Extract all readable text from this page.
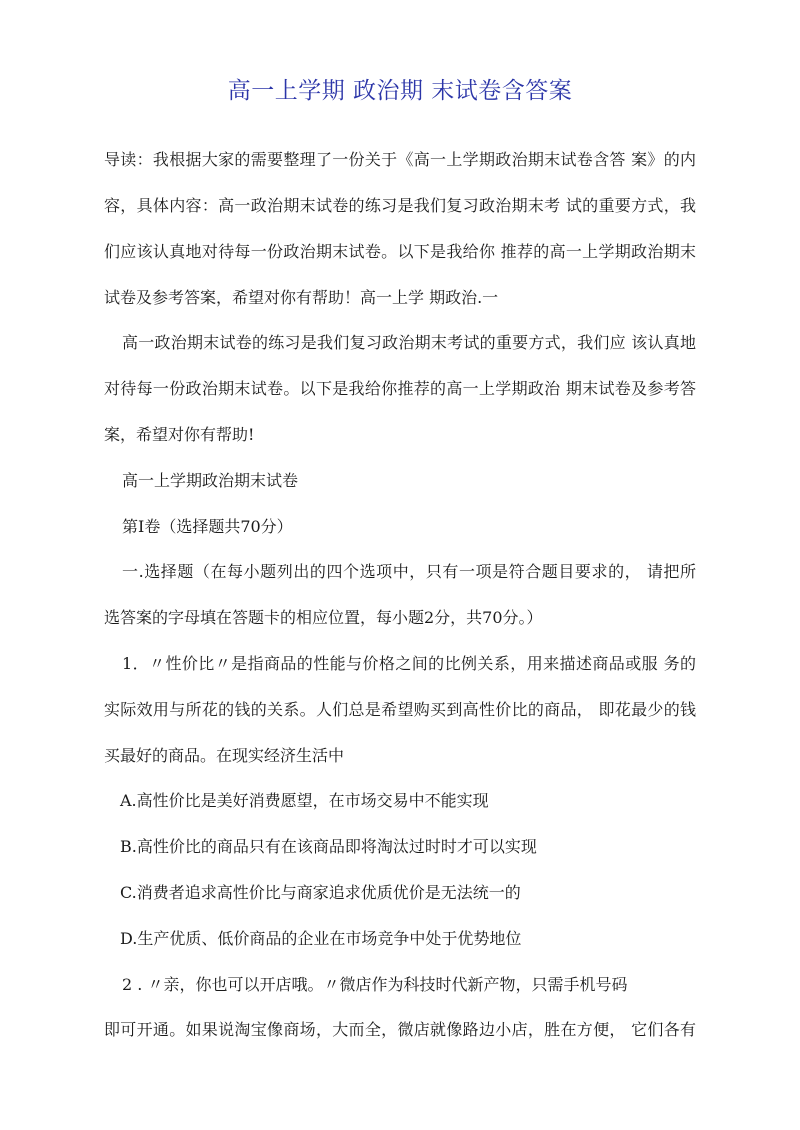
高一上学期 政治期 末试卷含答案
导读：我根据大家的需要整理了一份关于《高一上学期政治期末试卷含答 案》的内
容，具体内容：高一政治期末试卷的练习是我们复习政治期末考 试的重要方式，我
们应该认真地对待每一份政治期末试卷。以下是我给你 推荐的高一上学期政治期末
试卷及参考答案，希望对你有帮助！高一上学 期政治.一
高一政治期末试卷的练习是我们复习政治期末考试的重要方式，我们应 该认真地
对待每一份政治期末试卷。以下是我给你推荐的高一上学期政治 期末试卷及参考答
案，希望对你有帮助!
高一上学期政治期末试卷
第Ⅰ卷（选择题共70分）
一.选择题（在每小题列出的四个选项中，只有一项是符合题目要求的， 请把所
选答案的字母填在答题卡的相应位置，每小题2分，共70分。）
1．〃性价比〃是指商品的性能与价格之间的比例关系，用来描述商品或服 务的
实际效用与所花的钱的关系。人们总是希望购买到高性价比的商品， 即花最少的钱
买最好的商品。在现实经济生活中
A.高性价比是美好消费愿望，在市场交易中不能实现
B.高性价比的商品只有在该商品即将淘汰过时时才可以实现
C.消费者追求高性价比与商家追求优质优价是无法统一的
D.生产优质、低价商品的企业在市场竞争中处于优势地位
2 . 〃亲，你也可以开店哦。〃微店作为科技时代新产物，只需手机号码
即可开通。如果说淘宝像商场，大而全，微店就像路边小店，胜在方便， 它们各有
